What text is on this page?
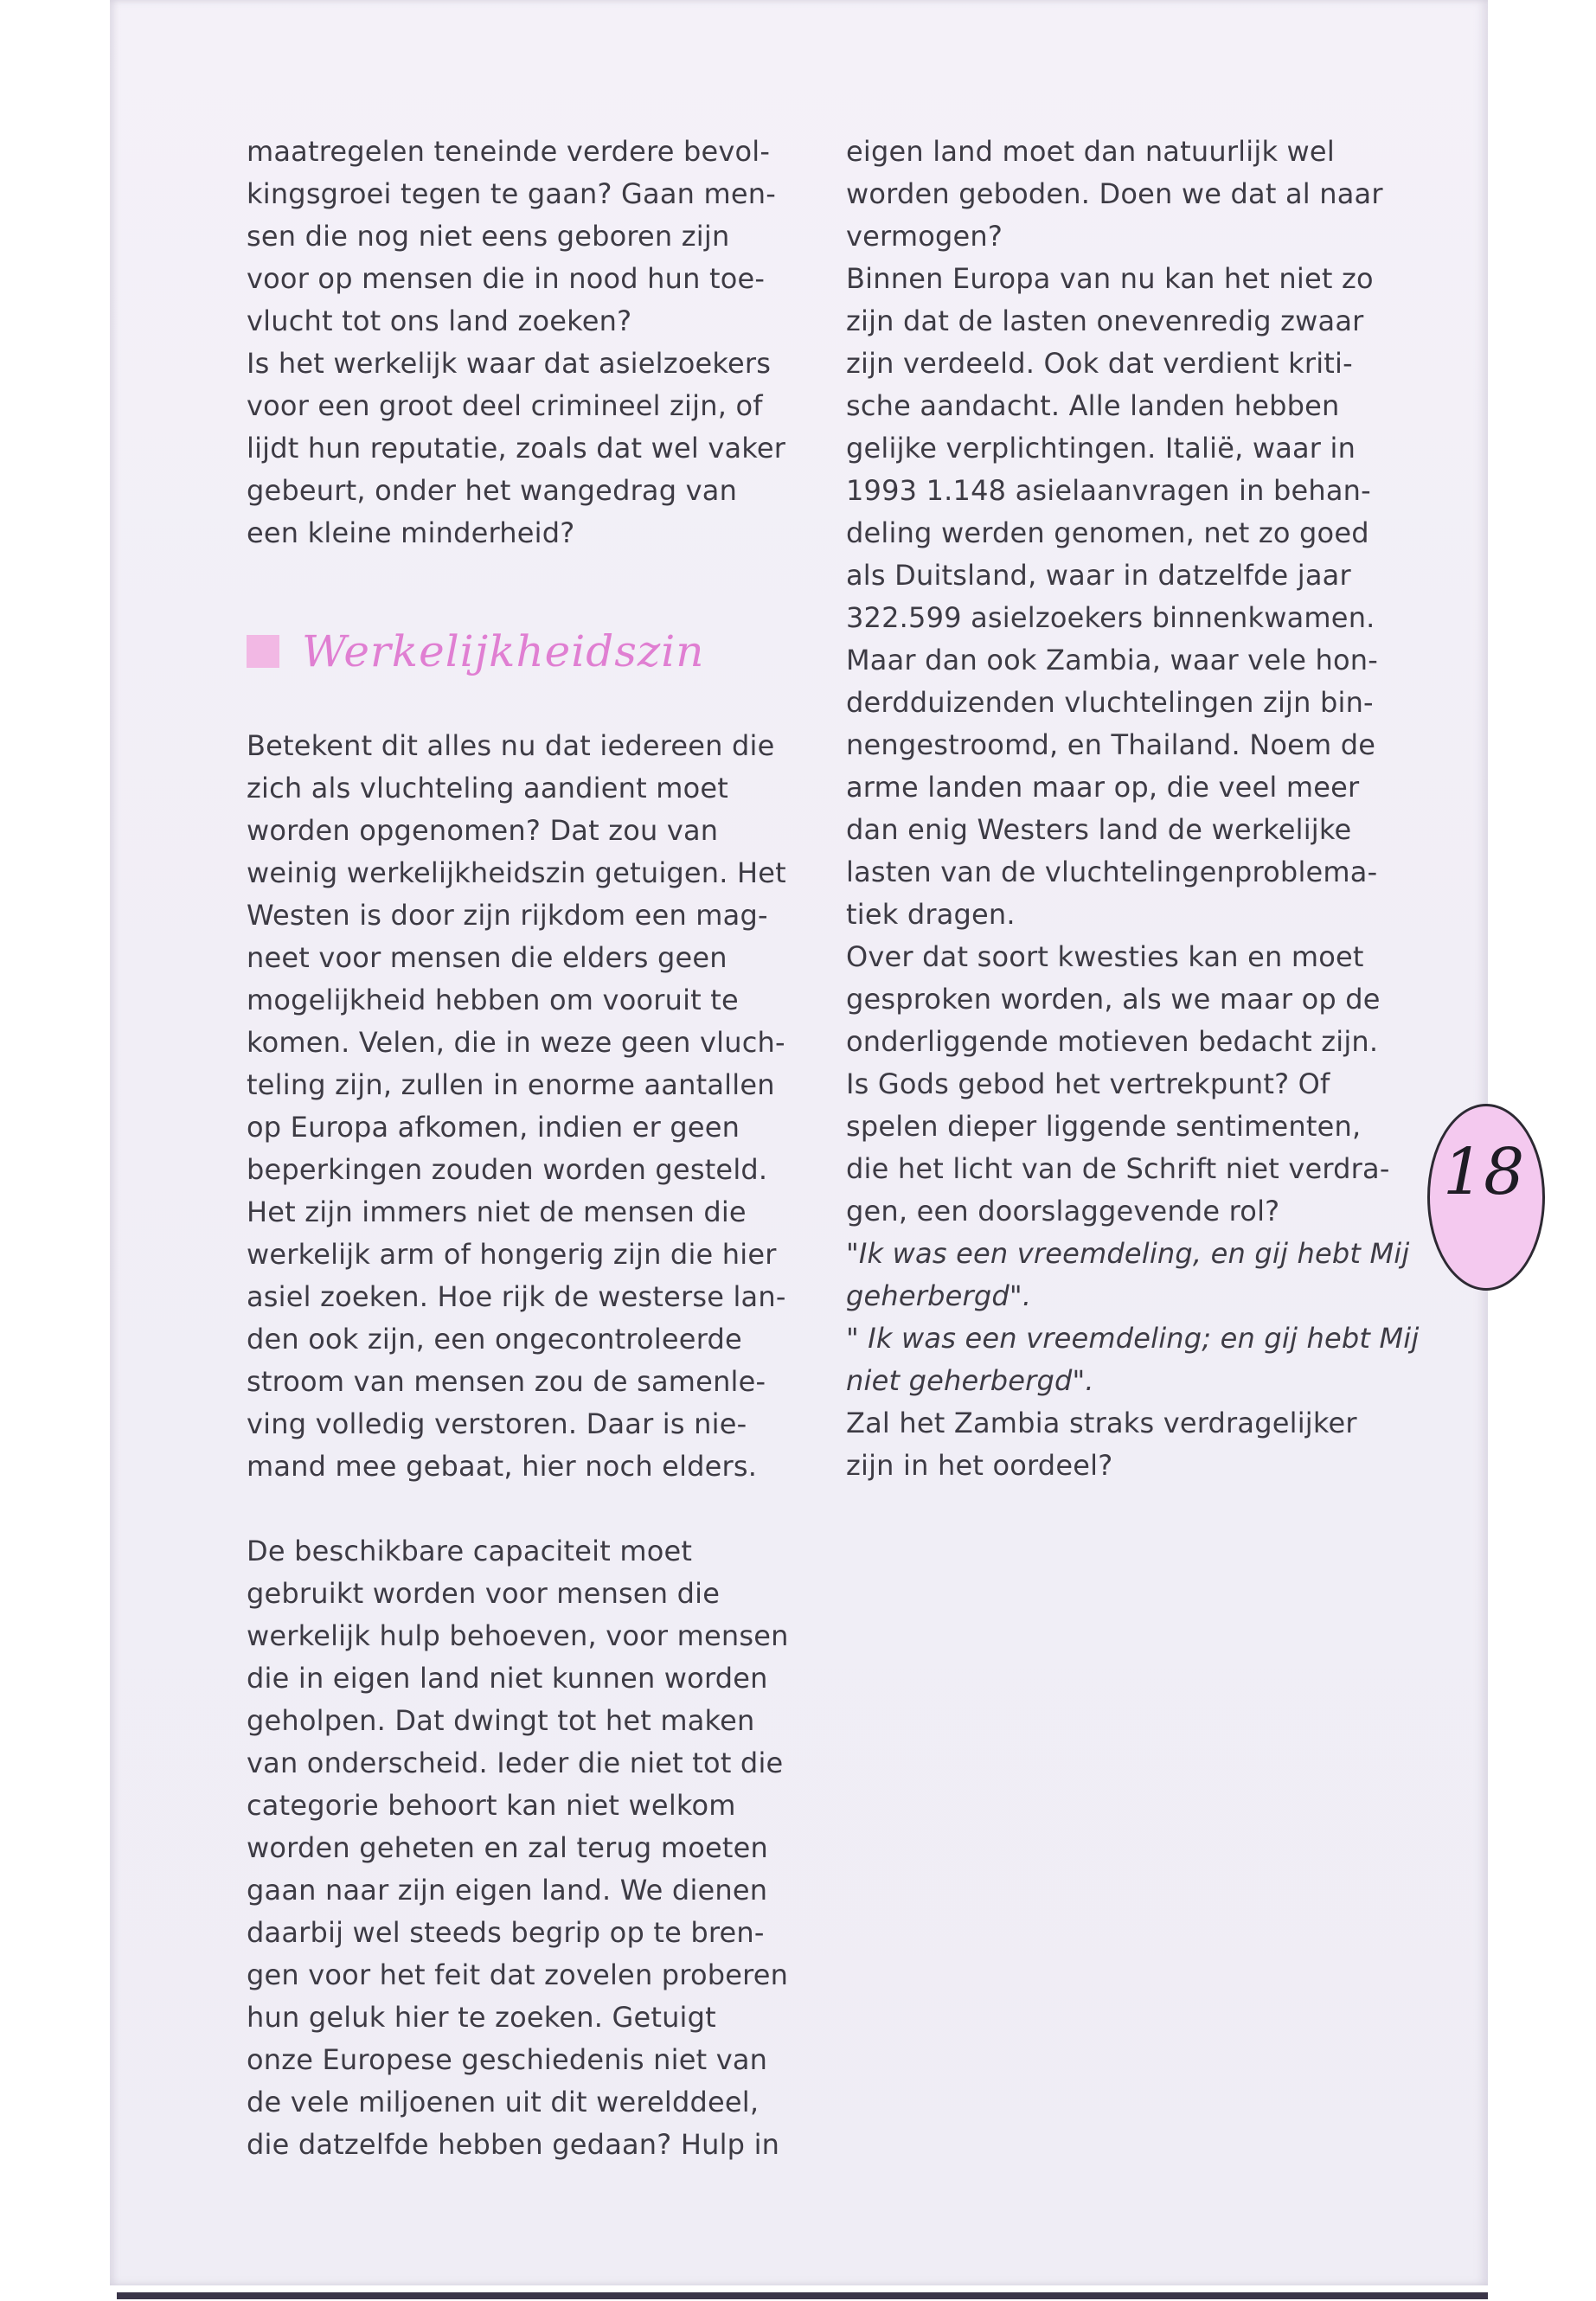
maatregelen teneinde verdere bevol-
kingsgroei tegen te gaan? Gaan men-
sen die nog niet eens geboren zijn
voor op mensen die in nood hun toe-
vlucht tot ons land zoeken?
Is het werkelijk waar dat asielzoekers
voor een groot deel crimineel zijn, of
lijdt hun reputatie, zoals dat wel vaker
gebeurt, onder het wangedrag van
een kleine minderheid?
Werkelijkheidszin
Betekent dit alles nu dat iedereen die
zich als vluchteling aandient moet
worden opgenomen? Dat zou van
weinig werkelijkheidszin getuigen. Het
Westen is door zijn rijkdom een mag-
neet voor mensen die elders geen
mogelijkheid hebben om vooruit te
komen. Velen, die in weze geen vluch-
teling zijn, zullen in enorme aantallen
op Europa afkomen, indien er geen
beperkingen zouden worden gesteld.
Het zijn immers niet de mensen die
werkelijk arm of hongerig zijn die hier
asiel zoeken. Hoe rijk de westerse lan-
den ook zijn, een ongecontroleerde
stroom van mensen zou de samenle-
ving volledig verstoren. Daar is nie-
mand mee gebaat, hier noch elders.
De beschikbare capaciteit moet
gebruikt worden voor mensen die
werkelijk hulp behoeven, voor mensen
die in eigen land niet kunnen worden
geholpen. Dat dwingt tot het maken
van onderscheid. Ieder die niet tot die
categorie behoort kan niet welkom
worden geheten en zal terug moeten
gaan naar zijn eigen land. We dienen
daarbij wel steeds begrip op te bren-
gen voor het feit dat zovelen proberen
hun geluk hier te zoeken. Getuigt
onze Europese geschiedenis niet van
de vele miljoenen uit dit werelddeel,
die datzelfde hebben gedaan? Hulp in
eigen land moet dan natuurlijk wel
worden geboden. Doen we dat al naar
vermogen?
Binnen Europa van nu kan het niet zo
zijn dat de lasten onevenredig zwaar
zijn verdeeld. Ook dat verdient kriti-
sche aandacht. Alle landen hebben
gelijke verplichtingen. Italië, waar in
1993 1.148 asielaanvragen in behan-
deling werden genomen, net zo goed
als Duitsland, waar in datzelfde jaar
322.599 asielzoekers binnenkwamen.
Maar dan ook Zambia, waar vele hon-
derdduizenden vluchtelingen zijn bin-
nengestroomd, en Thailand. Noem de
arme landen maar op, die veel meer
dan enig Westers land de werkelijke
lasten van de vluchtelingenproblema-
tiek dragen.
Over dat soort kwesties kan en moet
gesproken worden, als we maar op de
onderliggende motieven bedacht zijn.
Is Gods gebod het vertrekpunt? Of
spelen dieper liggende sentimenten,
die het licht van de Schrift niet verdra-
gen, een doorslaggevende rol?
"Ik was een vreemdeling, en gij hebt Mij
geherbergd".
" Ik was een vreemdeling; en gij hebt Mij
niet geherbergd".
Zal het Zambia straks verdragelijker
zijn in het oordeel?
18
